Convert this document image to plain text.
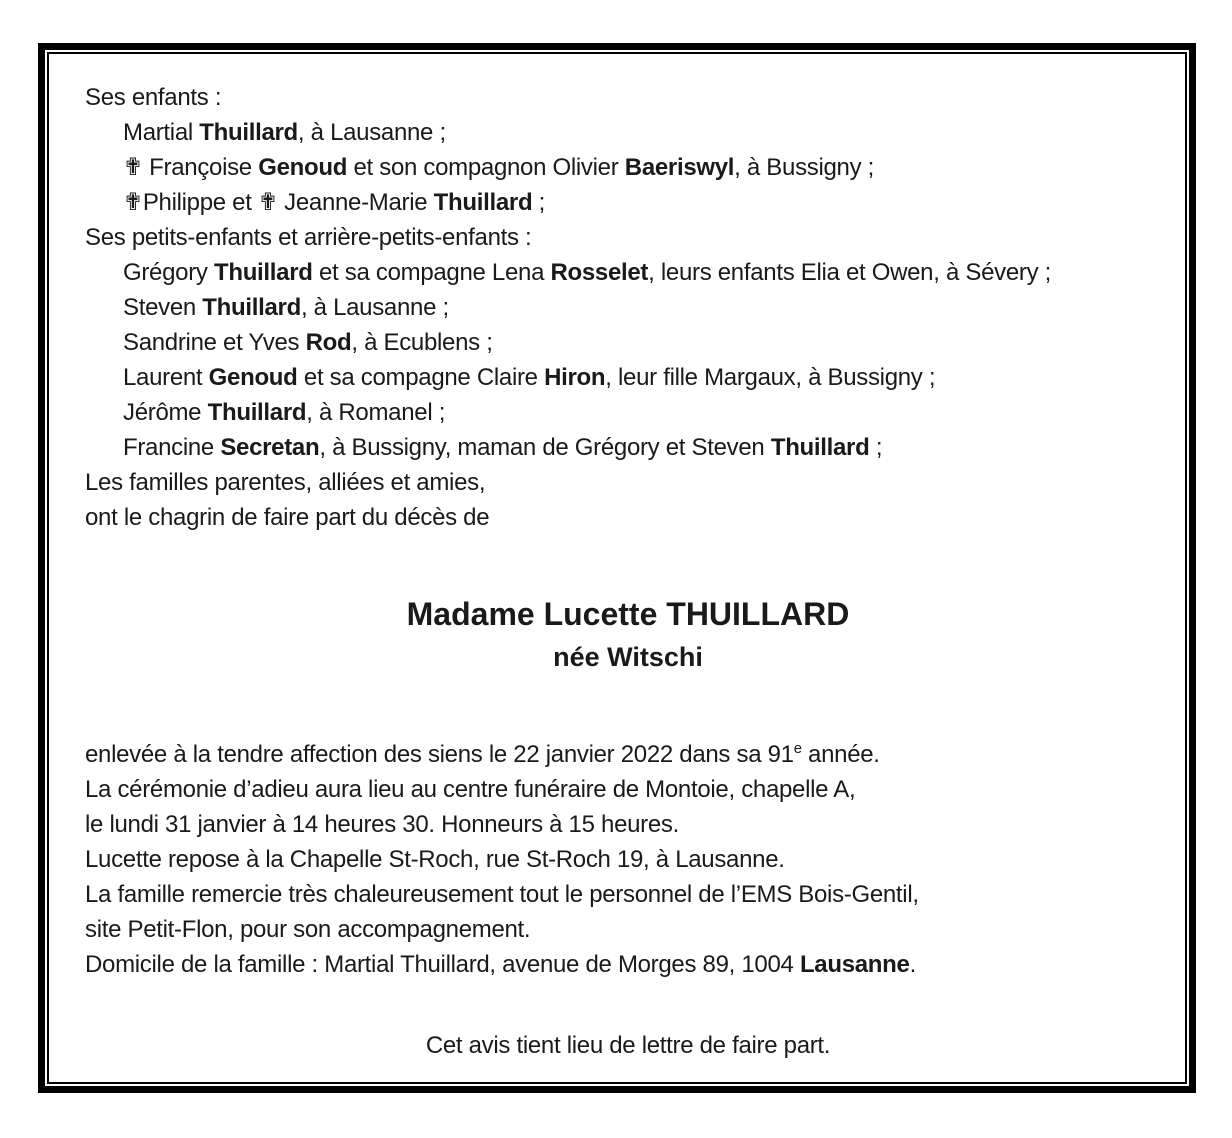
Ses enfants :
Martial Thuillard, à Lausanne ;
✟ Françoise Genoud et son compagnon Olivier Baeriswyl, à Bussigny ;
✟Philippe et ✟ Jeanne-Marie Thuillard ;
Ses petits-enfants et arrière-petits-enfants :
Grégory Thuillard et sa compagne Lena Rosselet, leurs enfants Elia et Owen, à Sévery ;
Steven Thuillard, à Lausanne ;
Sandrine et Yves Rod, à Ecublens ;
Laurent Genoud et sa compagne Claire Hiron, leur fille Margaux, à Bussigny ;
Jérôme Thuillard, à Romanel ;
Francine Secretan, à Bussigny, maman de Grégory et Steven Thuillard ;
Les familles parentes, alliées et amies,
ont le chagrin de faire part du décès de
Madame Lucette THUILLARD
née Witschi
enlevée à la tendre affection des siens le 22 janvier 2022 dans sa 91e année.
La cérémonie d’adieu aura lieu au centre funéraire de Montoie, chapelle A,
le lundi 31 janvier à 14 heures 30. Honneurs à 15 heures.
Lucette repose à la Chapelle St-Roch, rue St-Roch 19, à Lausanne.
La famille remercie très chaleureusement tout le personnel de l’EMS Bois-Gentil,
site Petit-Flon, pour son accompagnement.
Domicile de la famille : Martial Thuillard, avenue de Morges 89, 1004 Lausanne.
Cet avis tient lieu de lettre de faire part.
